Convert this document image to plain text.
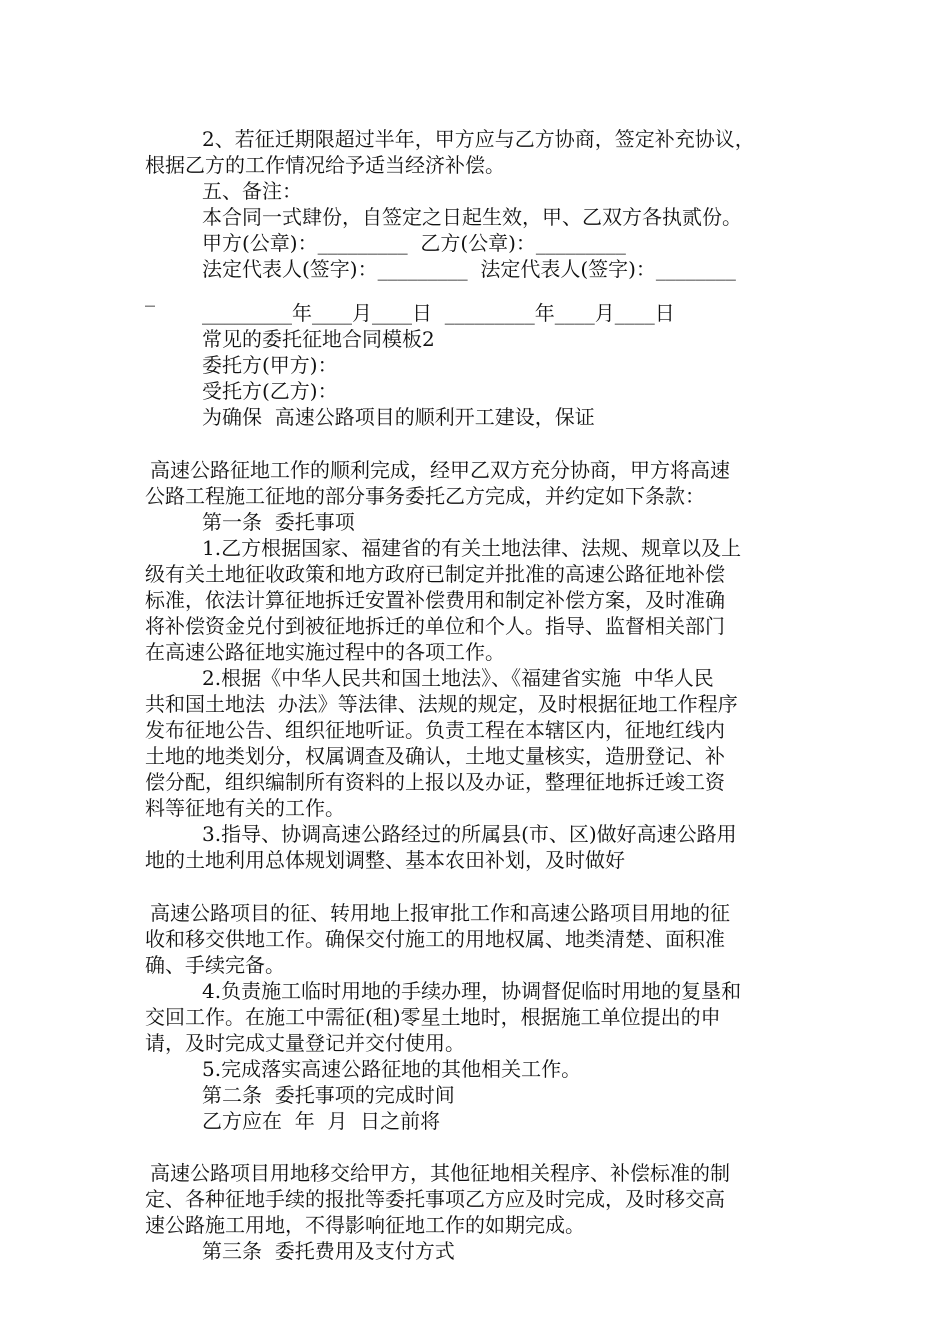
2、若征迁期限超过半年，甲方应与乙方协商，签定补充协议，
根据乙方的工作情况给予适当经济补偿。
五、备注：
本合同一式肆份，自签定之日起生效，甲、乙双方各执贰份。
甲方(公章)：_________  乙方(公章)：_________
法定代表人(签字)：_________  法定代表人(签字)：________
_
_________年____月____日  _________年____月____日
常见的委托征地合同模板2
委托方(甲方)：
受托方(乙方)：
为确保  高速公路项目的顺利开工建设，保证
高速公路征地工作的顺利完成，经甲乙双方充分协商，甲方将高速
公路工程施工征地的部分事务委托乙方完成，并约定如下条款：
第一条  委托事项
1.乙方根据国家、福建省的有关土地法律、法规、规章以及上
级有关土地征收政策和地方政府已制定并批准的高速公路征地补偿
标准，依法计算征地拆迁安置补偿费用和制定补偿方案，及时准确
将补偿资金兑付到被征地拆迁的单位和个人。指导、监督相关部门
在高速公路征地实施过程中的各项工作。
2.根据《中华人民共和国土地法》、《福建省实施  中华人民
共和国土地法  办法》等法律、法规的规定，及时根据征地工作程序
发布征地公告、组织征地听证。负责工程在本辖区内，征地红线内
土地的地类划分，权属调查及确认，土地丈量核实，造册登记、补
偿分配，组织编制所有资料的上报以及办证，整理征地拆迁竣工资
料等征地有关的工作。
3.指导、协调高速公路经过的所属县(市、区)做好高速公路用
地的土地利用总体规划调整、基本农田补划，及时做好
高速公路项目的征、转用地上报审批工作和高速公路项目用地的征
收和移交供地工作。确保交付施工的用地权属、地类清楚、面积准
确、手续完备。
4.负责施工临时用地的手续办理，协调督促临时用地的复垦和
交回工作。在施工中需征(租)零星土地时，根据施工单位提出的申
请，及时完成丈量登记并交付使用。
5.完成落实高速公路征地的其他相关工作。
第二条  委托事项的完成时间
乙方应在  年  月  日之前将
高速公路项目用地移交给甲方，其他征地相关程序、补偿标准的制
定、各种征地手续的报批等委托事项乙方应及时完成，及时移交高
速公路施工用地，不得影响征地工作的如期完成。
第三条  委托费用及支付方式
